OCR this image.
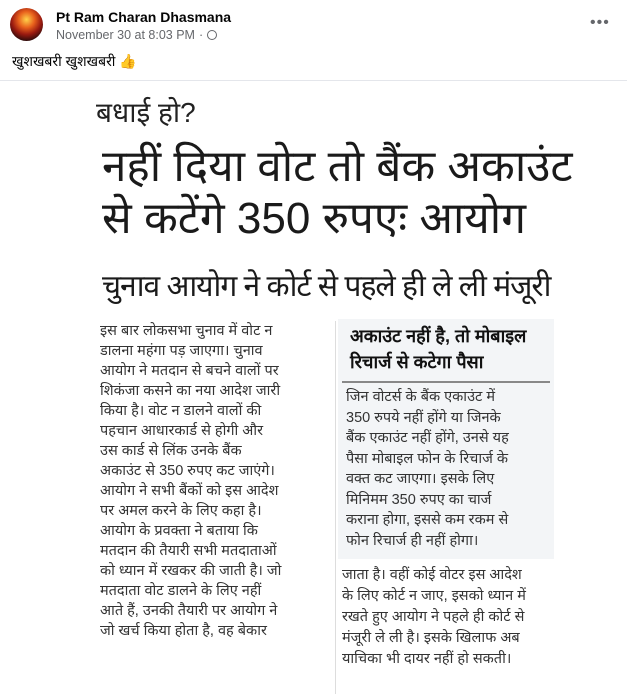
Pt Ram Charan Dhasmana
November 30 at 8:03 PM ·
•••
खुशखबरी खुशखबरी 👍
बधाई हो?
नहीं दिया वोट तो बैंक अकाउंट
से कटेंगे 350 रुपएः आयोग
चुनाव आयोग ने कोर्ट से पहले ही ले ली मंजूरी
इस बार लोकसभा चुनाव में वोट न
डालना महंगा पड़ जाएगा। चुनाव
आयोग ने मतदान से बचने वालों पर
शिकंजा कसने का नया आदेश जारी
किया है। वोट न डालने वालों की
पहचान आधारकार्ड से होगी और
उस कार्ड से लिंक उनके बैंक
अकाउंट से 350 रुपए कट जाएंगे।
आयोग ने सभी बैंकों को इस आदेश
पर अमल करने के लिए कहा है।
आयोग के प्रवक्ता ने बताया कि
मतदान की तैयारी सभी मतदाताओं
को ध्यान में रखकर की जाती है। जो
मतदाता वोट डालने के लिए नहीं
आते हैं, उनकी तैयारी पर आयोग ने
जो खर्च किया होता है, वह बेकार
अकाउंट नहीं है, तो मोबाइल
रिचार्ज से कटेगा पैसा
जिन वोटर्स के बैंक एकाउंट में
350 रुपये नहीं होंगे या जिनके
बैंक एकाउंट नहीं होंगे, उनसे यह
पैसा मोबाइल फोन के रिचार्ज के
वक्त कट जाएगा। इसके लिए
मिनिमम 350 रुपए का चार्ज
कराना होगा, इससे कम रकम से
फोन रिचार्ज ही नहीं होगा।
जाता है। वहीं कोई वोटर इस आदेश
के लिए कोर्ट न जाए, इसको ध्यान में
रखते हुए आयोग ने पहले ही कोर्ट से
मंजूरी ले ली है। इसके खिलाफ अब
याचिका भी दायर नहीं हो सकती।
